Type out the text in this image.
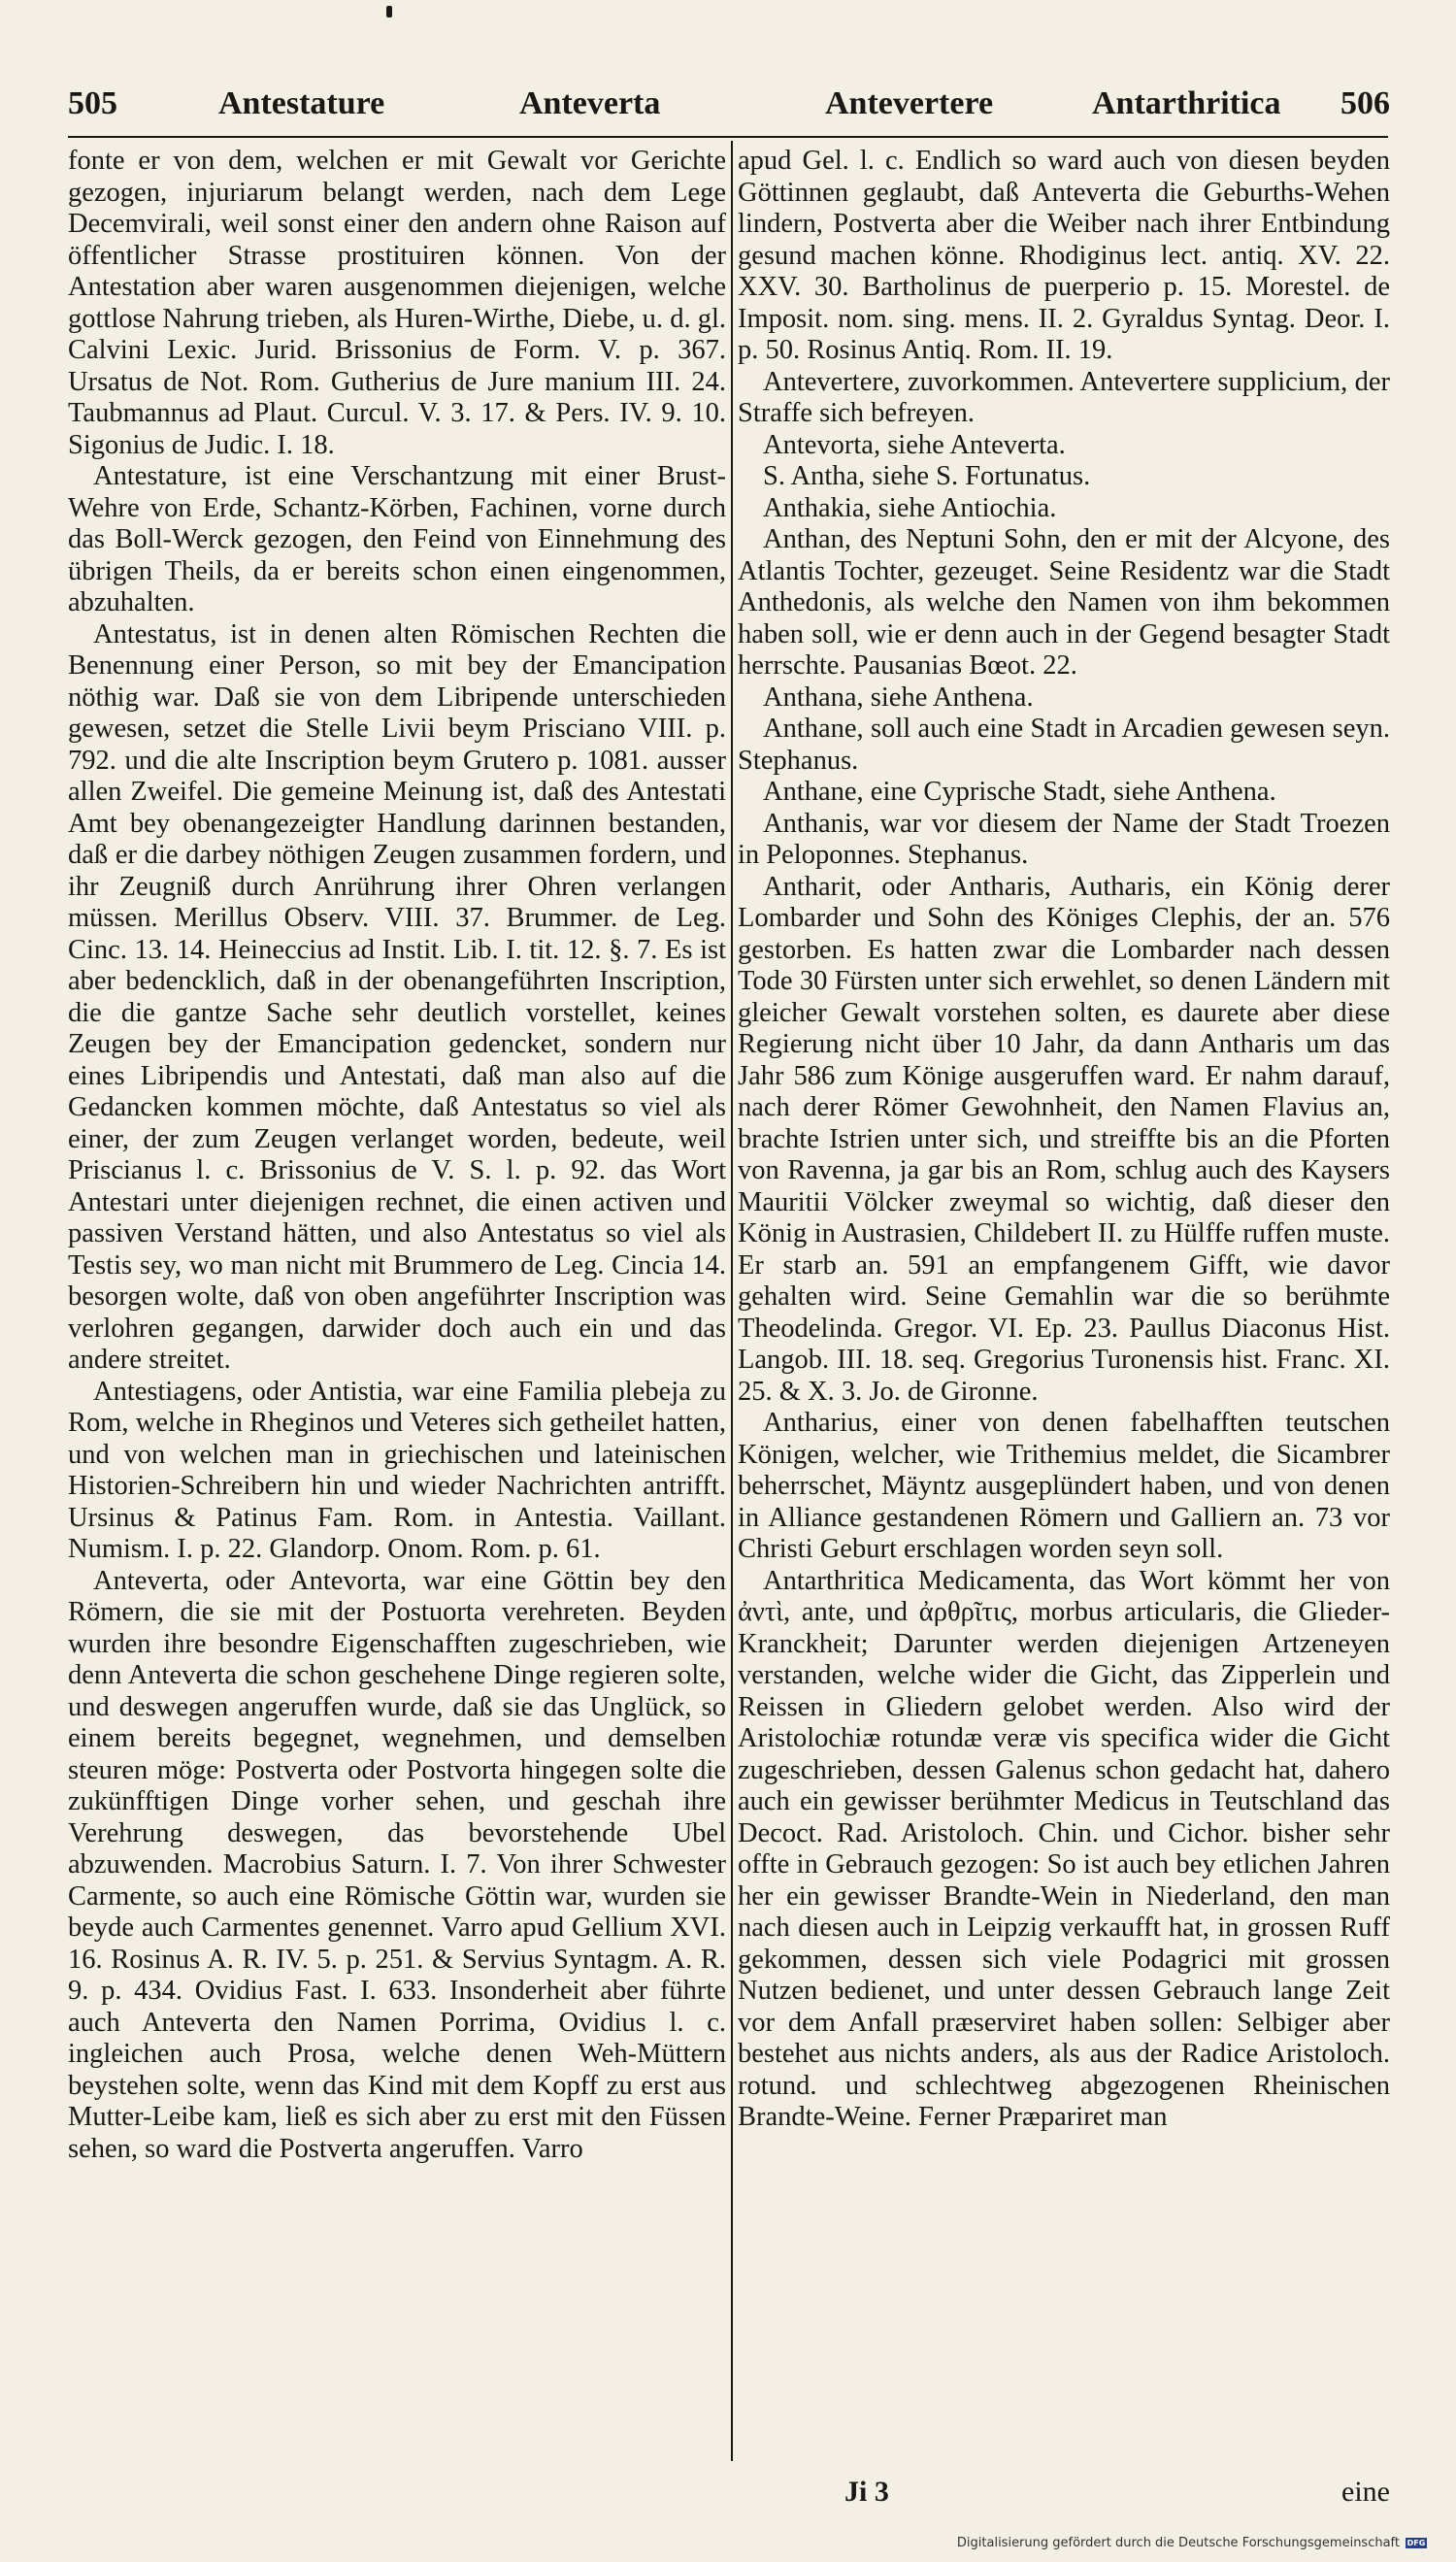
505	Antestature	Anteverta	Antevertere	Antarthritica 506

fonte er von dem, welchen er mit Gewalt vor Gerichte gezogen, injuriarum belangt werden, nach dem Lege Decemvirali, weil sonst einer den andern ohne Raison auf öffentlicher Strasse prostituiren können. Von der Antestation aber waren ausgenommen diejenigen, welche gottlose Nahrung trieben, als Huren-Wirthe, Diebe, u. d. gl. Calvini Lexic. Jurid. Brissonius de Form. V. p. 367. Ursatus de Not. Rom. Gutherius de Jure manium III. 24. Taubmannus ad Plaut. Curcul. V. 3. 17. & Pers. IV. 9. 10. Sigonius de Judic. I. 18.

Antestature, ist eine Verschantzung mit einer Brust-Wehre von Erde, Schantz-Körben, Fachinen, vorne durch das Boll-Werck gezogen, den Feind von Einnehmung des übrigen Theils, da er bereits schon einen eingenommen, abzuhalten.

Antestatus, ist in denen alten Römischen Rechten die Benennung einer Person, so mit bey der Emancipation nöthig war. Daß sie von dem Libripende unterschieden gewesen, setzet die Stelle Livii beym Prisciano VIII. p. 792. und die alte Inscription beym Grutero p. 1081. ausser allen Zweifel. Die gemeine Meinung ist, daß des Antestati Amt bey obenangezeigter Handlung darinnen bestanden, daß er die darbey nöthigen Zeugen zusammen fordern, und ihr Zeugniß durch Anrührung ihrer Ohren verlangen müssen. Merillus Observ. VIII. 37. Brummer. de Leg. Cinc. 13. 14. Heineccius ad Instit. Lib. I. tit. 12. §. 7. Es ist aber bedencklich, daß in der obenangeführten Inscription, die die gantze Sache sehr deutlich vorstellet, keines Zeugen bey der Emancipation gedencket, sondern nur eines Libripendis und Antestati, daß man also auf die Gedancken kommen möchte, daß Antestatus so viel als einer, der zum Zeugen verlanget worden, bedeute, weil Priscianus l. c. Brissonius de V. S. l. p. 92. das Wort Antestari unter diejenigen rechnet, die einen activen und passiven Verstand hätten, und also Antestatus so viel als Testis sey, wo man nicht mit Brummero de Leg. Cincia 14. besorgen wolte, daß von oben angeführter Inscription was verlohren gegangen, darwider doch auch ein und das andere streitet.

Antestiagens, oder Antistia, war eine Familia plebeja zu Rom, welche in Rheginos und Veteres sich getheilet hatten, und von welchen man in griechischen und lateinischen Historien-Schreibern hin und wieder Nachrichten antrifft. Ursinus & Patinus Fam. Rom. in Antestia. Vaillant. Numism. I. p. 22. Glandorp. Onom. Rom. p. 61.

Anteverta, oder Antevorta, war eine Göttin bey den Römern, die sie mit der Postuorta verehreten. Beyden wurden ihre besondre Eigenschafften zugeschrieben, wie denn Anteverta die schon geschehene Dinge regieren solte, und deswegen angeruffen wurde, daß sie das Unglück, so einem bereits begegnet, wegnehmen, und demselben steuren möge: Postverta oder Postvorta hingegen solte die zukünfftigen Dinge vorher sehen, und geschah ihre Verehrung deswegen, das bevorstehende Ubel abzuwenden. Macrobius Saturn. I. 7. Von ihrer Schwester Carmente, so auch eine Römische Göttin war, wurden sie beyde auch Carmentes genennet. Varro apud Gellium XVI. 16. Rosinus A. R. IV. 5. p. 251. & Servius Syntagm. A. R. 9. p. 434. Ovidius Fast. I. 633. Insonderheit aber führte auch Anteverta den Namen Porrima, Ovidius l. c. ingleichen auch Prosa, welche denen Weh-Müttern beystehen solte, wenn das Kind mit dem Kopff zu erst aus Mutter-Leibe kam, ließ es sich aber zu erst mit den Füssen sehen, so ward die Postverta angeruffen. Varro

apud Gel. l. c. Endlich so ward auch von diesen beyden Göttinnen geglaubt, daß Anteverta die Geburths-Wehen lindern, Postverta aber die Weiber nach ihrer Entbindung gesund machen könne. Rhodiginus lect. antiq. XV. 22. XXV. 30. Bartholinus de puerperio p. 15. Morestel. de Imposit. nom. sing. mens. II. 2. Gyraldus Syntag. Deor. I. p. 50. Rosinus Antiq. Rom. II. 19.

Antevertere, zuvorkommen. Antevertere supplicium, der Straffe sich befreyen.

Antevorta, siehe Anteverta.

S. Antha, siehe S. Fortunatus.

Anthakia, siehe Antiochia.

Anthan, des Neptuni Sohn, den er mit der Alcyone, des Atlantis Tochter, gezeuget. Seine Residentz war die Stadt Anthedonis, als welche den Namen von ihm bekommen haben soll, wie er denn auch in der Gegend besagter Stadt herrschte. Pausanias Bœot. 22.

Anthana, siehe Anthena.

Anthane, soll auch eine Stadt in Arcadien gewesen seyn. Stephanus.

Anthane, eine Cyprische Stadt, siehe Anthena.

Anthanis, war vor diesem der Name der Stadt Troezen in Peloponnes. Stephanus.

Antharit, oder Antharis, Autharis, ein König derer Lombarder und Sohn des Königes Clephis, der an. 576 gestorben. Es hatten zwar die Lombarder nach dessen Tode 30 Fürsten unter sich erwehlet, so denen Ländern mit gleicher Gewalt vorstehen solten, es daurete aber diese Regierung nicht über 10 Jahr, da dann Antharis um das Jahr 586 zum Könige ausgeruffen ward. Er nahm darauf, nach derer Römer Gewohnheit, den Namen Flavius an, brachte Istrien unter sich, und streiffte bis an die Pforten von Ravenna, ja gar bis an Rom, schlug auch des Kaysers Mauritii Völcker zweymal so wichtig, daß dieser den König in Austrasien, Childebert II. zu Hülffe ruffen muste. Er starb an. 591 an empfangenem Gifft, wie davor gehalten wird. Seine Gemahlin war die so berühmte Theodelinda. Gregor. VI. Ep. 23. Paullus Diaconus Hist. Langob. III. 18. seq. Gregorius Turonensis hist. Franc. XI. 25. & X. 3. Jo. de Gironne.

Antharius, einer von denen fabelhafften teutschen Königen, welcher, wie Trithemius meldet, die Sicambrer beherrschet, Mäyntz ausgeplündert haben, und von denen in Alliance gestandenen Römern und Galliern an. 73 vor Christi Geburt erschlagen worden seyn soll.

Antarthritica Medicamenta, das Wort kömmt her von ἀντὶ, ante, und ἀρθρῖτις, morbus articularis, die Glieder-Kranckheit; Darunter werden diejenigen Artzeneyen verstanden, welche wider die Gicht, das Zipperlein und Reissen in Gliedern gelobet werden. Also wird der Aristolochiæ rotundæ veræ vis specifica wider die Gicht zugeschrieben, dessen Galenus schon gedacht hat, dahero auch ein gewisser berühmter Medicus in Teutschland das Decoct. Rad. Aristoloch. Chin. und Cichor. bisher sehr offte in Gebrauch gezogen: So ist auch bey etlichen Jahren her ein gewisser Brandte-Wein in Niederland, den man nach diesen auch in Leipzig verkaufft hat, in grossen Ruff gekommen, dessen sich viele Podagrici mit grossen Nutzen bedienet, und unter dessen Gebrauch lange Zeit vor dem Anfall præserviret haben sollen: Selbiger aber bestehet aus nichts anders, als aus der Radice Aristoloch. rotund. und schlechtweg abgezogenen Rheinischen Brandte-Weine. Ferner Præpariret man

Ji 3	eine
Digitalisierung gefördert durch die Deutsche Forschungsgemeinschaft DFG
